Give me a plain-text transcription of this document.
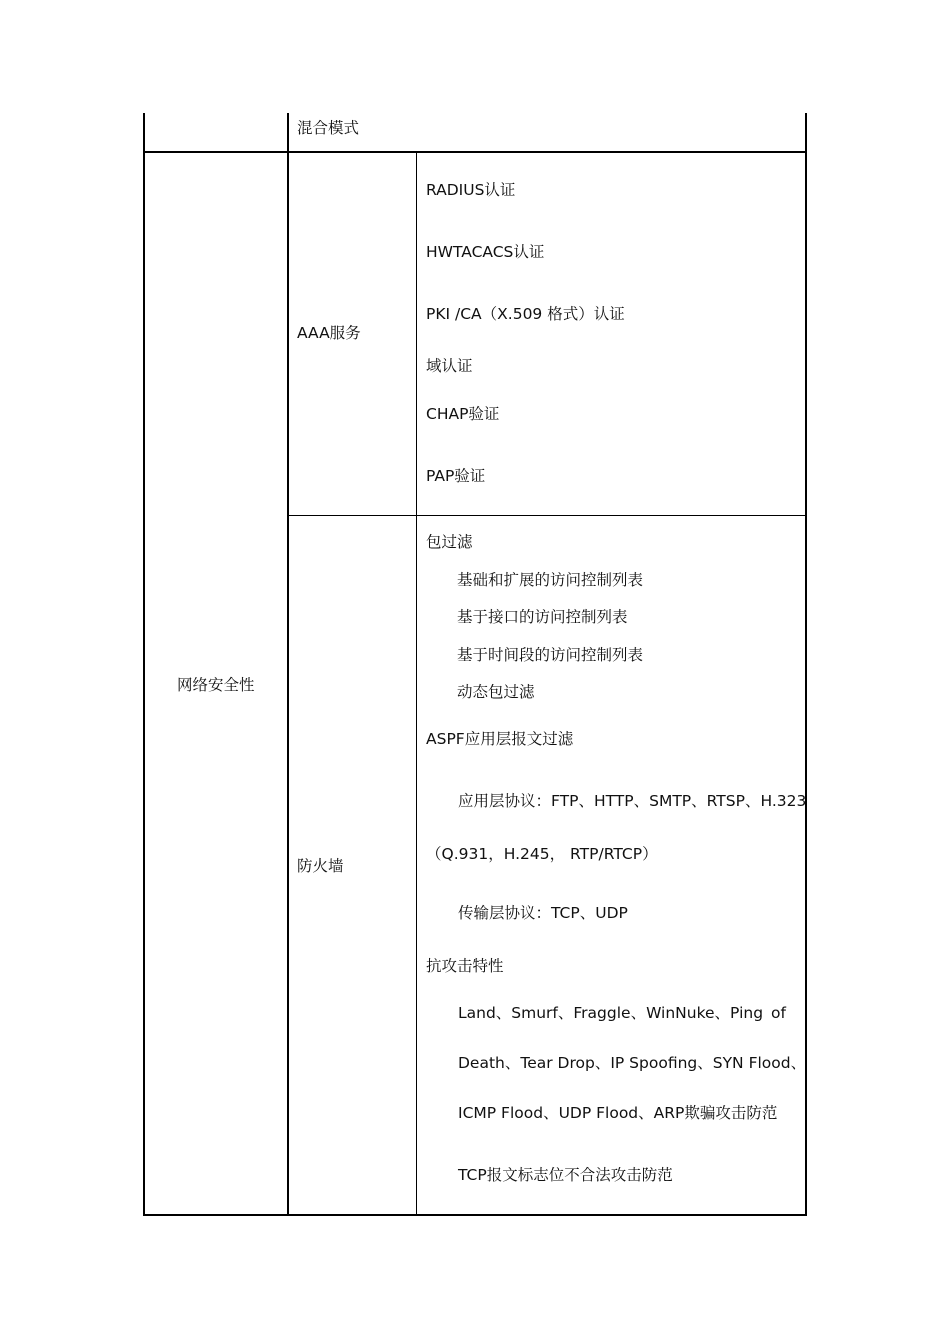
混合模式
网络安全性
AAA服务
RADIUS认证
HWTACACS认证
PKI /CA（X.509 格式）认证
域认证
CHAP验证
PAP验证
防火墙
包过滤
基础和扩展的访问控制列表
基于接口的访问控制列表
基于时间段的访问控制列表
动态包过滤
ASPF应用层报文过滤
应用层协议：FTP、HTTP、SMTP、RTSP、H.323
（Q.931，H.245， RTP/RTCP）
传输层协议：TCP、UDP
抗攻击特性
Land、Smurf、Fraggle、WinNuke、Ping of
Death、Tear Drop、IP Spoofing、SYN Flood、
ICMP Flood、UDP Flood、ARP欺骗攻击防范
TCP报文标志位不合法攻击防范
